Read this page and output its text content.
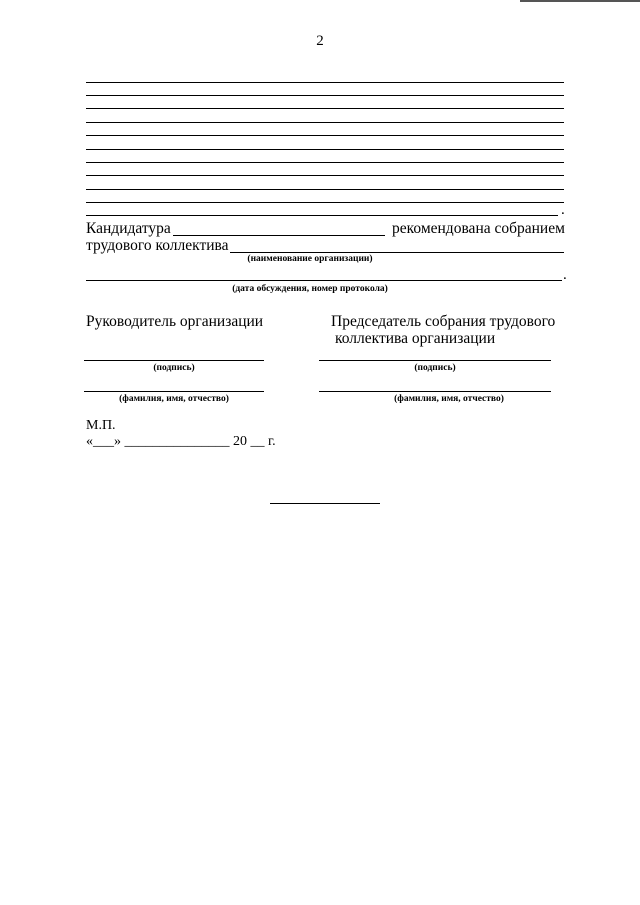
2
.
Кандидатура	рекомендована собранием
трудового коллектива
(наименование организации)
.
(дата обсуждения, номер протокола)
Руководитель организации
(подпись)
(фамилия, имя, отчество)
Председатель собрания трудового
коллектива организации
(подпись)
(фамилия, имя, отчество)
М.П.
«___» _______________ 20 __ г.
